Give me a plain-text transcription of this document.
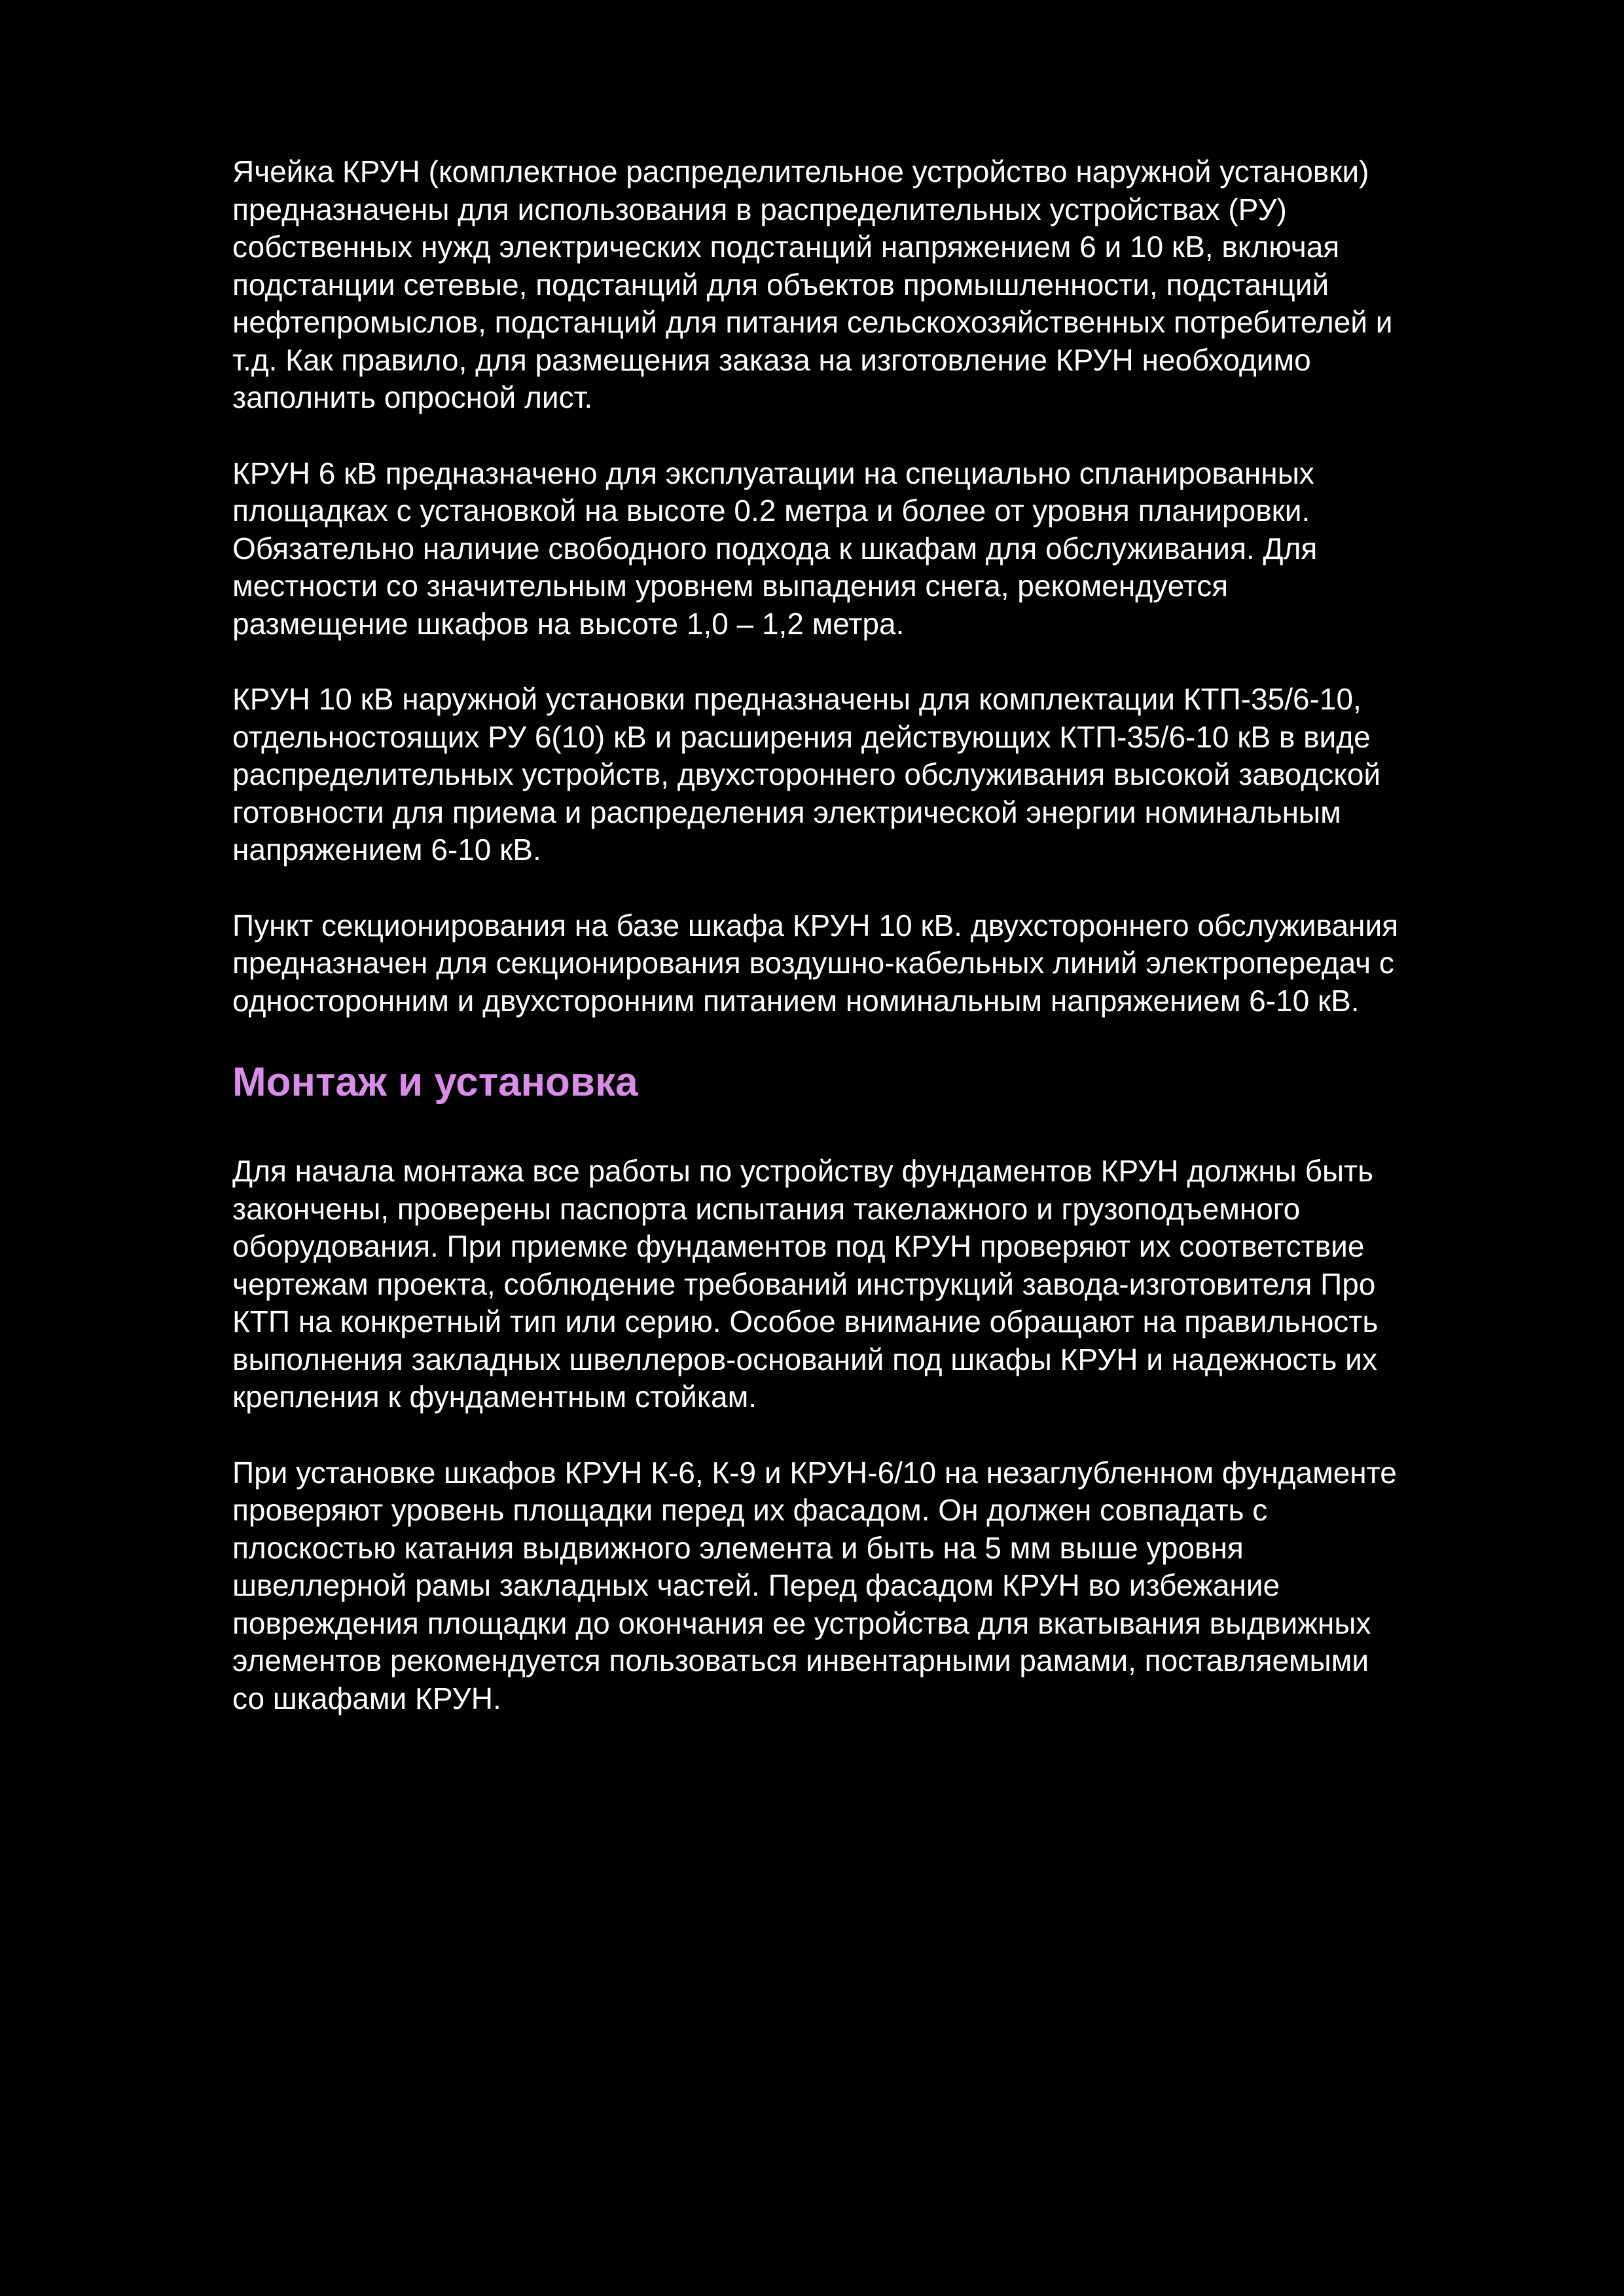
Ячейка КРУН (комплектное распределительное устройство наружной установки)
предназначены для использования в распределительных устройствах (РУ)
собственных нужд электрических подстанций напряжением 6 и 10 кВ, включая
подстанции сетевые, подстанций для объектов промышленности, подстанций
нефтепромыслов, подстанций для питания сельскохозяйственных потребителей и
т.д. Как правило, для размещения заказа на изготовление КРУН необходимо
заполнить опросной лист.

КРУН 6 кВ предназначено для эксплуатации на специально спланированных
площадках с установкой на высоте 0.2 метра и более от уровня планировки.
Обязательно наличие свободного подхода к шкафам для обслуживания. Для
местности со значительным уровнем выпадения снега, рекомендуется
размещение шкафов на высоте 1,0 – 1,2 метра.

КРУН 10 кВ наружной установки предназначены для комплектации КТП-35/6-10,
отдельностоящих РУ 6(10) кВ и расширения действующих КТП-35/6-10 кВ в виде
распределительных устройств, двухстороннего обслуживания высокой заводской
готовности для приема и распределения электрической энергии номинальным
напряжением 6-10 кВ.

Пункт секционирования на базе шкафа КРУН 10 кВ. двухстороннего обслуживания
предназначен для секционирования воздушно-кабельных линий электропередач с
односторонним и двухсторонним питанием номинальным напряжением 6-10 кВ.

Монтаж и установка

Для начала монтажа все работы по устройству фундаментов КРУН должны быть
закончены, проверены паспорта испытания такелажного и грузоподъемного
оборудования. При приемке фундаментов под КРУН проверяют их соответствие
чертежам проекта, соблюдение требований инструкций завода-изготовителя Про
КТП на конкретный тип или серию. Особое внимание обращают на правильность
выполнения закладных швеллеров-оснований под шкафы КРУН и надежность их
крепления к фундаментным стойкам.

При установке шкафов КРУН К-6, К-9 и КРУН-6/10 на незаглубленном фундаменте
проверяют уровень площадки перед их фасадом. Он должен совпадать с
плоскостью катания выдвижного элемента и быть на 5 мм выше уровня
швеллерной рамы закладных частей. Перед фасадом КРУН во избежание
повреждения площадки до окончания ее устройства для вкатывания выдвижных
элементов рекомендуется пользоваться инвентарными рамами, поставляемыми
со шкафами КРУН.
